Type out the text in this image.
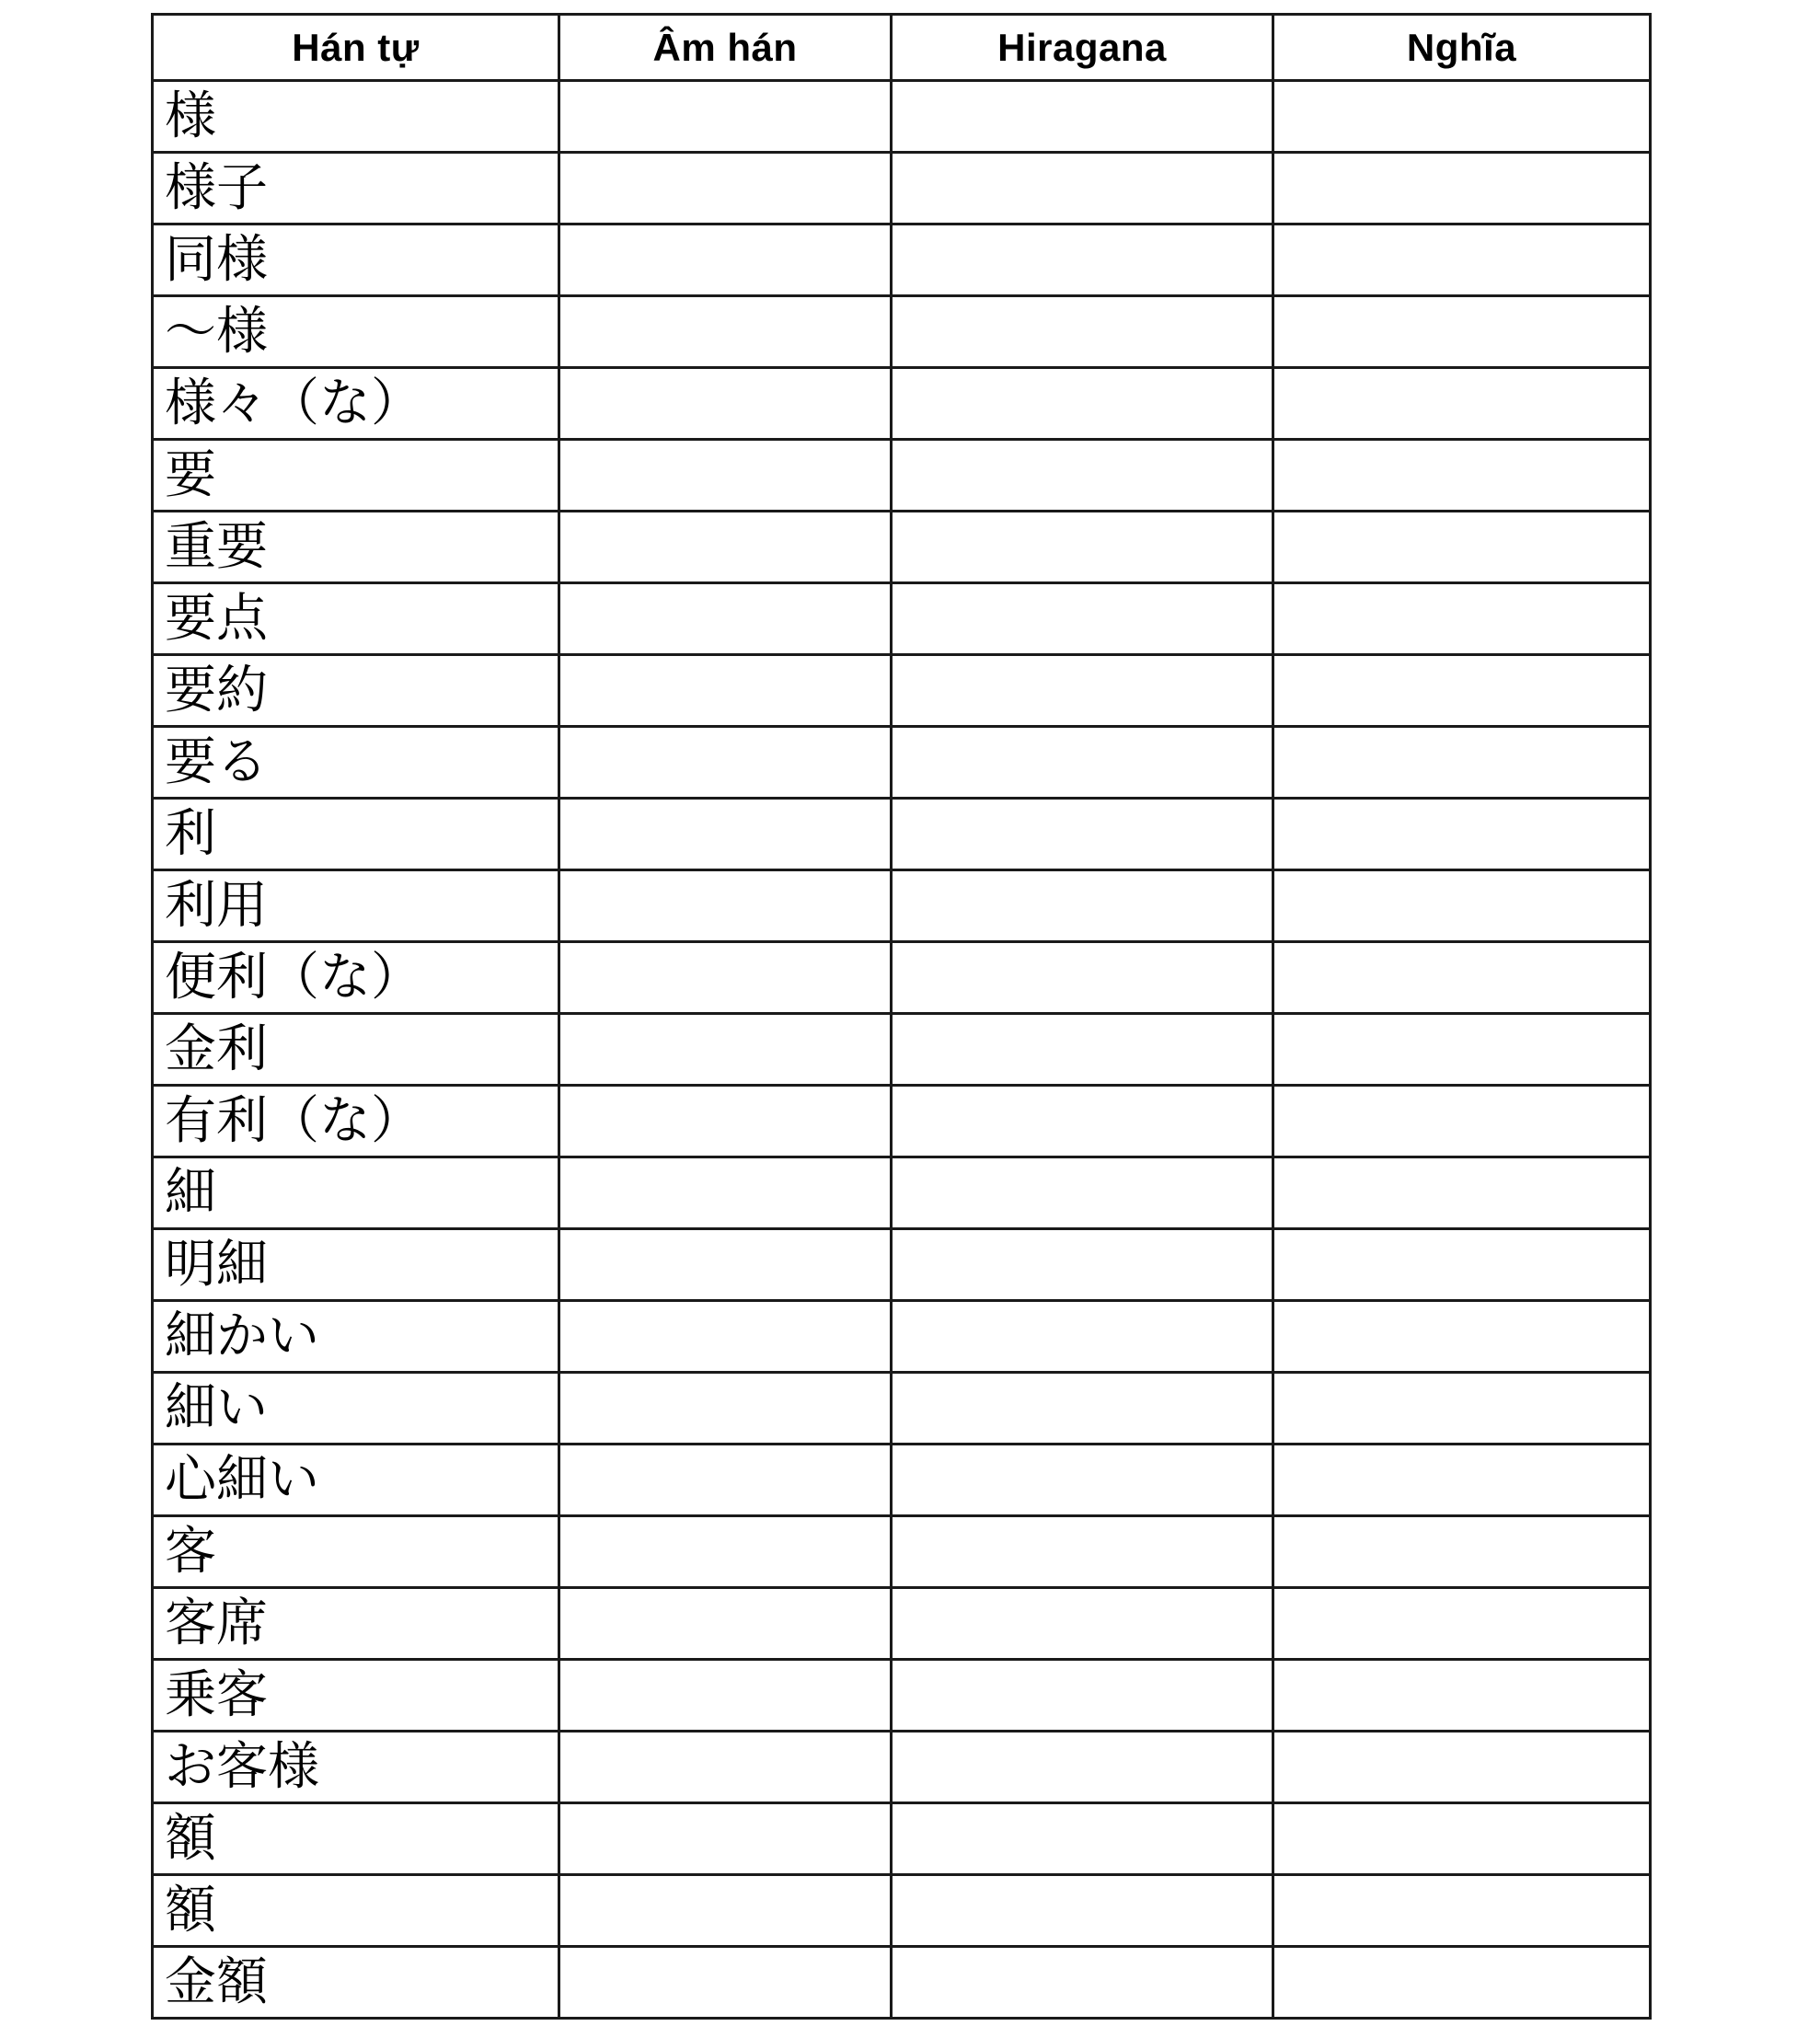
Hán tự	Âm hán	Hiragana	Nghĩa
様			
様子			
同様			
～様			
様々（な）			
要			
重要			
要点			
要約			
要る			
利			
利用			
便利（な）			
金利			
有利（な）			
細			
明細			
細かい			
細い			
心細い			
客			
客席			
乗客			
お客様			
額			
額			
金額			
